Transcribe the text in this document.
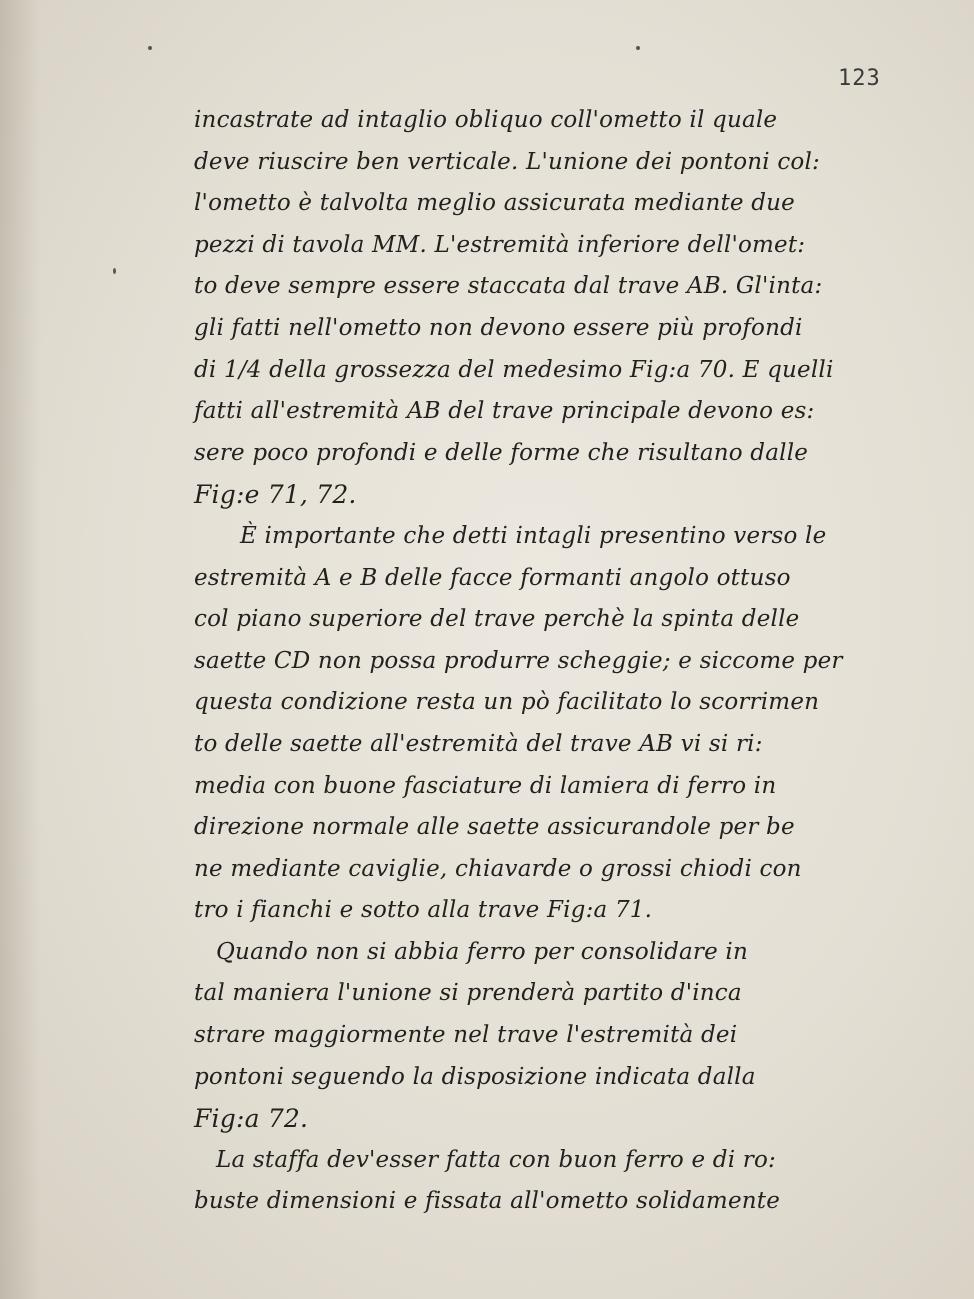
123
incastrate ad intaglio obliquo coll'ometto il quale
deve riuscire ben verticale. L'unione dei pontoni col:
l'ometto è talvolta meglio assicurata mediante due
pezzi di tavola MM. L'estremità inferiore dell'omet:
to deve sempre essere staccata dal trave AB. Gl'inta:
gli fatti nell'ometto non devono essere più profondi
di 1/4 della grossezza del medesimo Fig:a 70. E quelli
fatti all'estremità AB del trave principale devono es:
sere poco profondi e delle forme che risultano dalle
Fig:e 71, 72.
È importante che detti intagli presentino verso le
estremità A e B delle facce formanti angolo ottuso
col piano superiore del trave perchè la spinta delle
saette CD non possa produrre scheggie; e siccome per
questa condizione resta un pò facilitato lo scorrimen
to delle saette all'estremità del trave AB vi si ri:
media con buone fasciature di lamiera di ferro in
direzione normale alle saette assicurandole per be
ne mediante caviglie, chiavarde o grossi chiodi con
tro i fianchi e sotto alla trave Fig:a 71.
Quando non si abbia ferro per consolidare in
tal maniera l'unione si prenderà partito d'inca
strare maggiormente nel trave l'estremità dei
pontoni seguendo la disposizione indicata dalla
Fig:a 72.
La staffa dev'esser fatta con buon ferro e di ro:
buste dimensioni e fissata all'ometto solidamente
